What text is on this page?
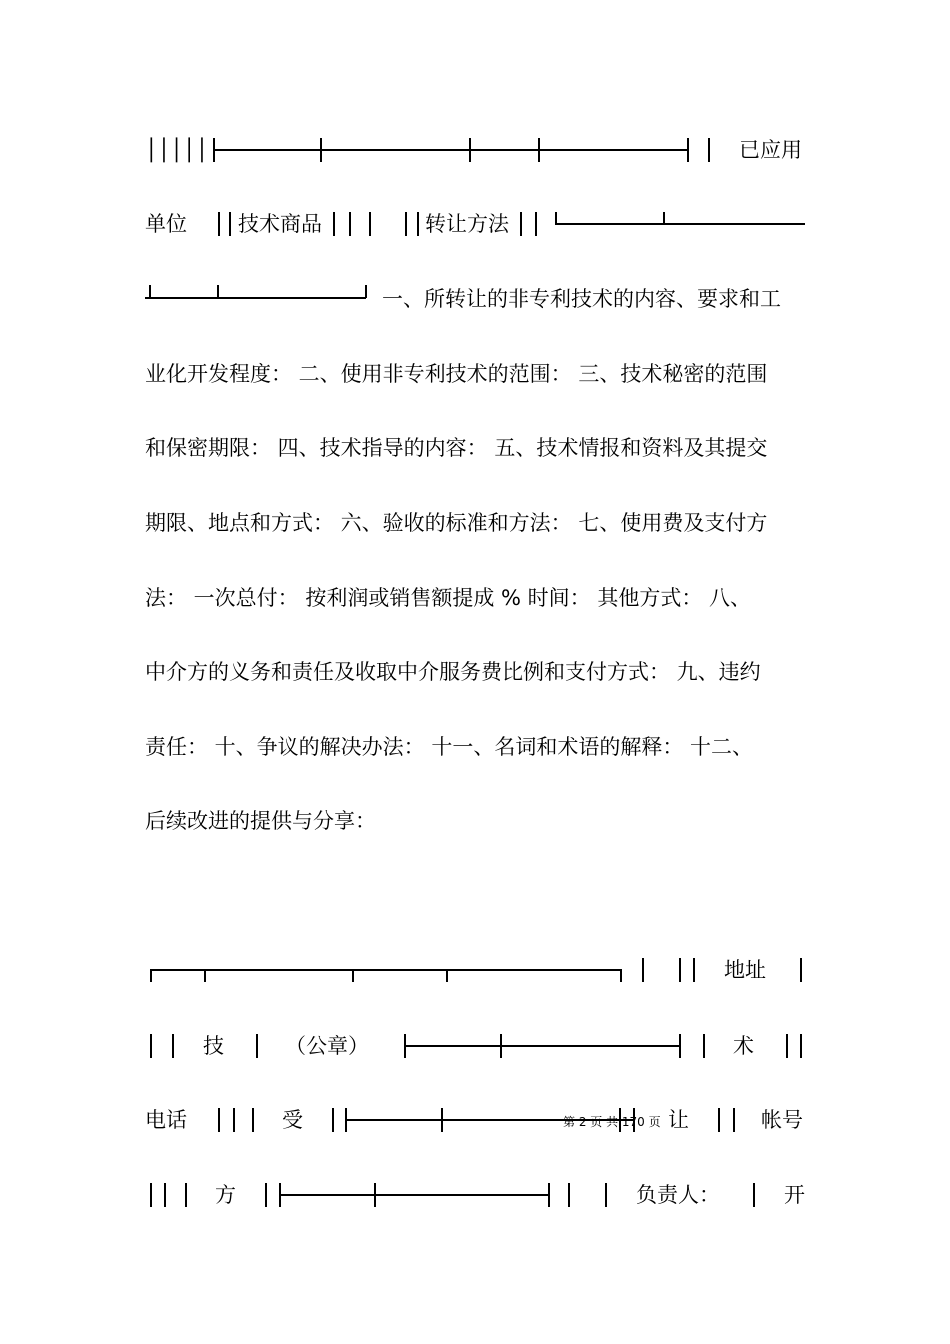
│││││	已应用
单位 技术商品	转让方法
一、所转让的非专利技术的内容、要求和工
业化开发程度： 二、使用非专利技术的范围： 三、技术秘密的范围
和保密期限： 四、技术指导的内容： 五、技术情报和资料及其提交
期限、地点和方式： 六、验收的标准和方法： 七、使用费及支付方
法： 一次总付： 按利润或销售额提成 % 时间： 其他方式： 八、
中介方的义务和责任及收取中介服务费比例和支付方式： 九、违约
责任： 十、争议的解决办法： 十一、名词和术语的解释： 十二、
后续改进的提供与分享：
地址
技	（公章）	术
电话	受	让	帐号
第 2 页 共 170 页
方	负责人：	开
